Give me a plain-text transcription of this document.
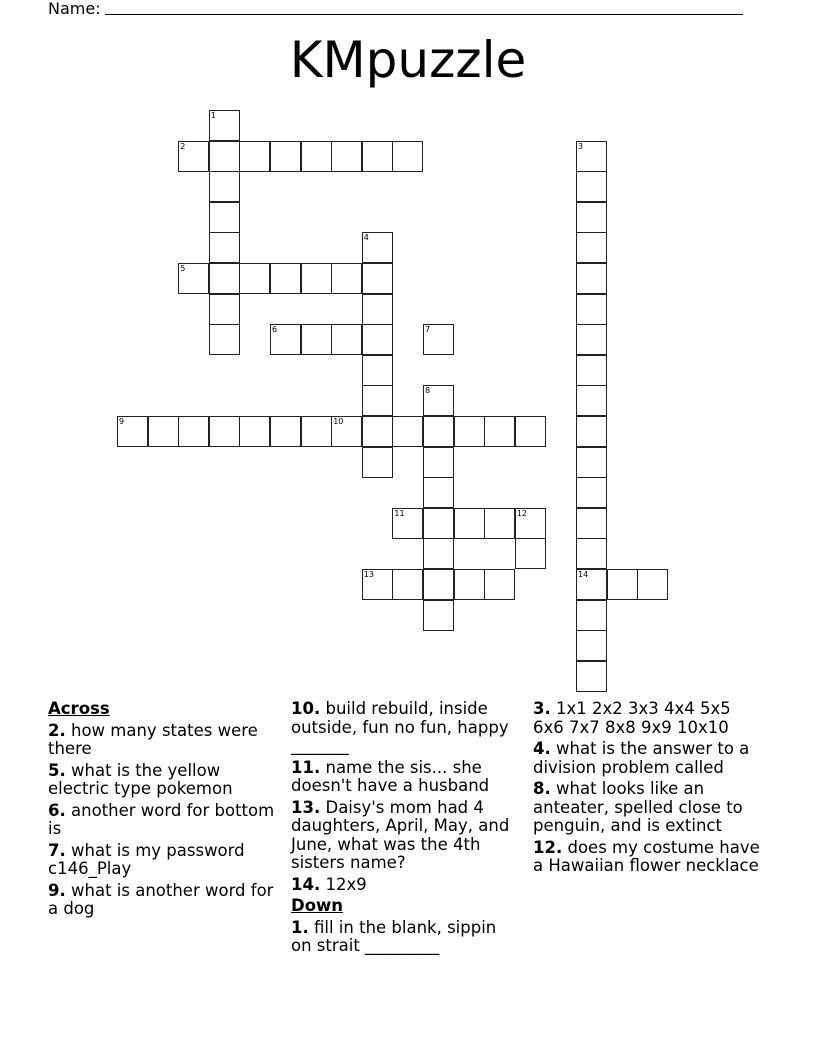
Name:
KMpuzzle
1
2	3
4
5
6	7
8
9	10
11	12
13	14
Across
2. how many states were there
5. what is the yellow electric type pokemon
6. another word for bottom is
7. what is my password c146_Play
9. what is another word for a dog
10. build rebuild, inside outside, fun no fun, happy _______
11. name the sis... she doesn't have a husband
13. Daisy's mom had 4 daughters, April, May, and June, what was the 4th sisters name?
14. 12x9
Down
1. fill in the blank, sippin on strait _________
3. 1x1 2x2 3x3 4x4 5x5 6x6 7x7 8x8 9x9 10x10
4. what is the answer to a division problem called
8. what looks like an anteater, spelled close to penguin, and is extinct
12. does my costume have a Hawaiian flower necklace
